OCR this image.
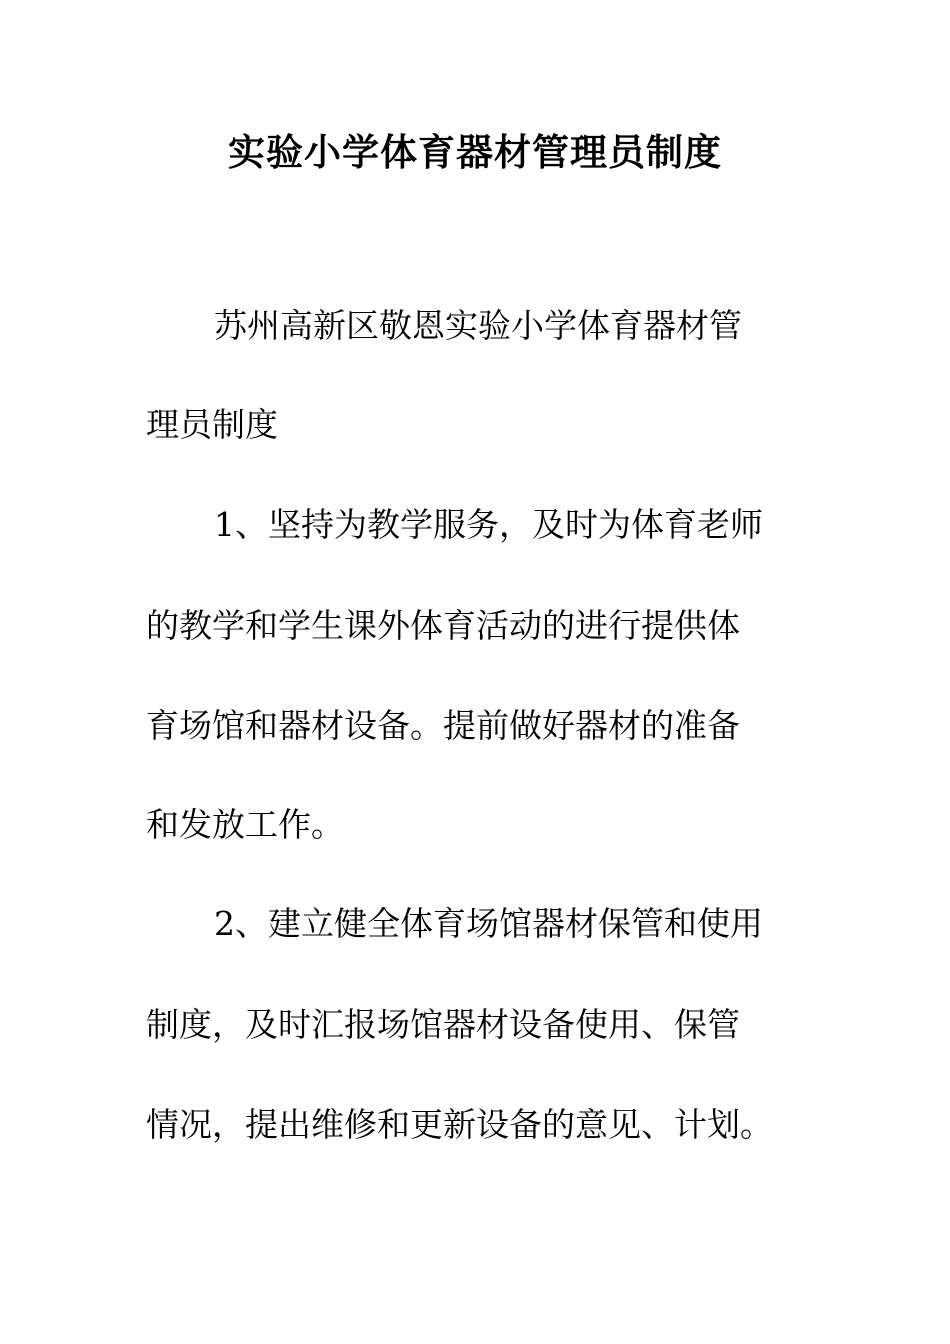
实验小学体育器材管理员制度

苏州高新区敬恩实验小学体育器材管

理员制度

1、坚持为教学服务，及时为体育老师

的教学和学生课外体育活动的进行提供体

育场馆和器材设备。提前做好器材的准备

和发放工作。

2、建立健全体育场馆器材保管和使用

制度，及时汇报场馆器材设备使用、保管

情况，提出维修和更新设备的意见、计划。
